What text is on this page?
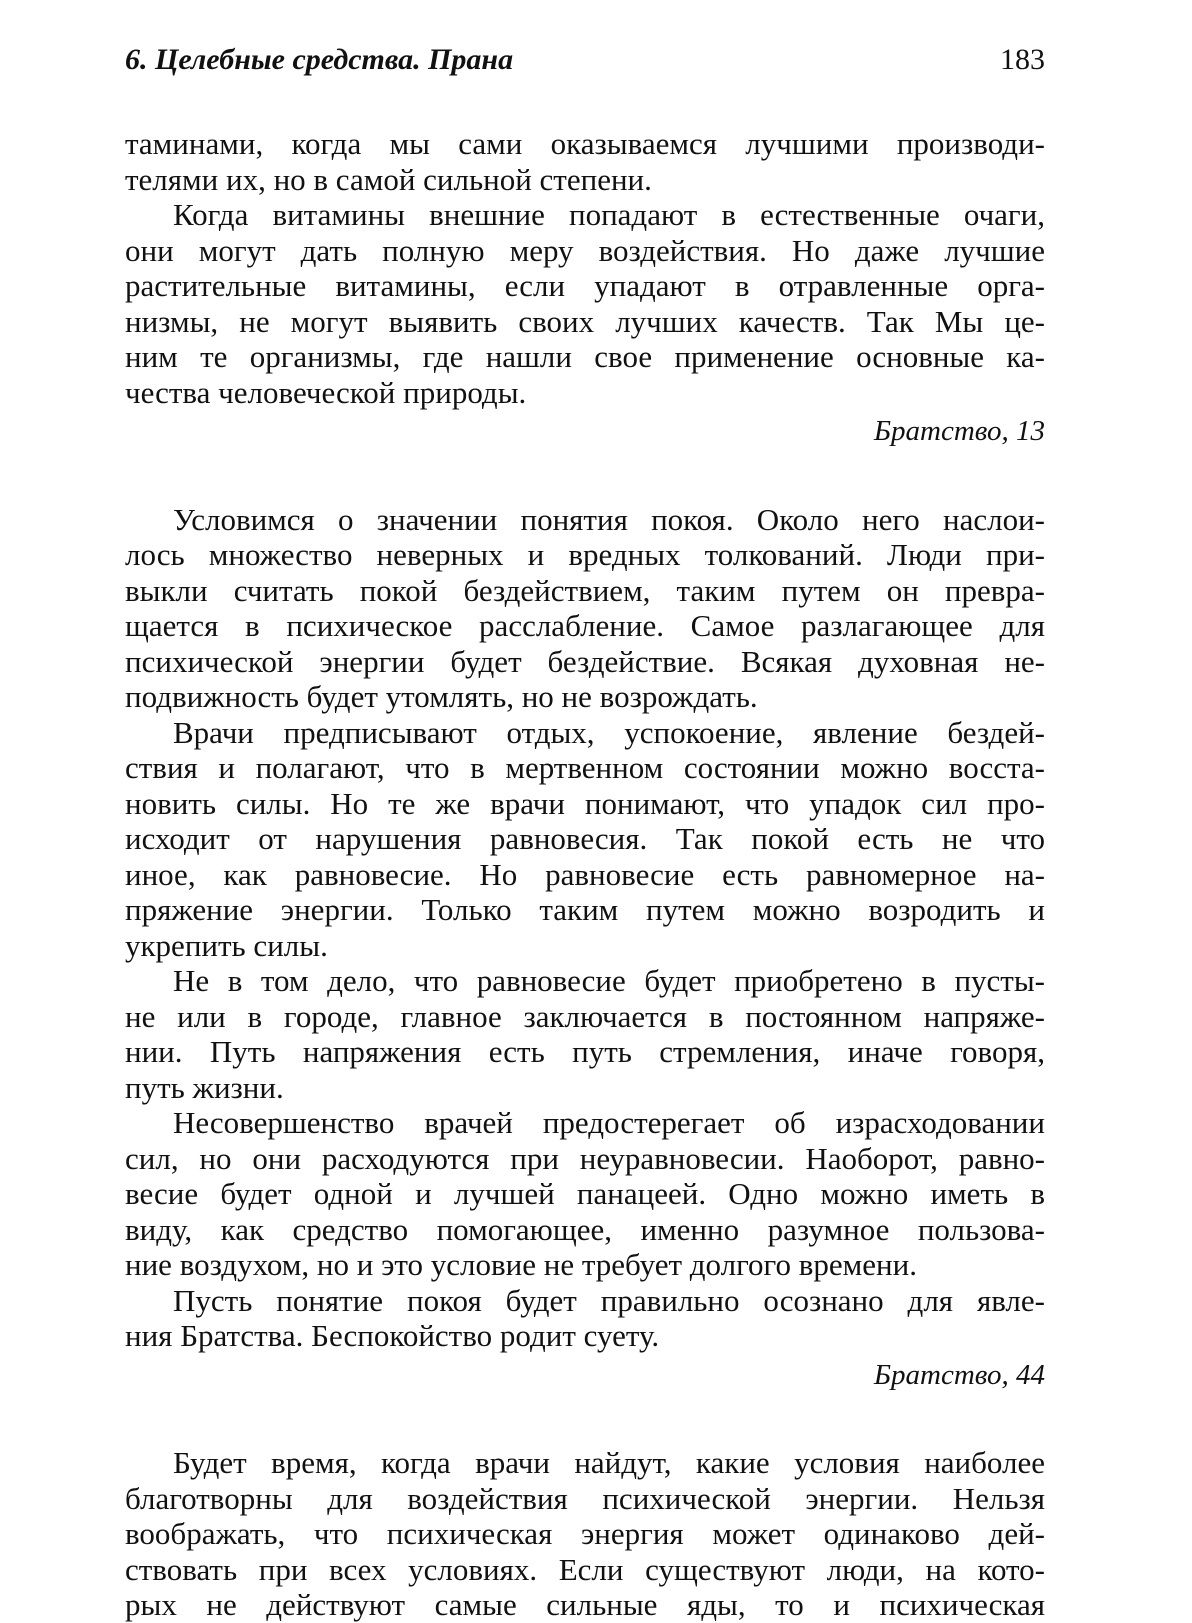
6. Целебные средства. Прана	183
таминами, когда мы сами оказываемся лучшими производи-
телями их, но в самой сильной степени.
Когда витамины внешние попадают в естественные очаги,
они могут дать полную меру воздействия. Но даже лучшие
растительные витамины, если упадают в отравленные орга-
низмы, не могут выявить своих лучших качеств. Так Мы це-
ним те организмы, где нашли свое применение основные ка-
чества человеческой природы.
Братство, 13
Условимся о значении понятия покоя. Около него наслои-
лось множество неверных и вредных толкований. Люди при-
выкли считать покой бездействием, таким путем он превра-
щается в психическое расслабление. Самое разлагающее для
психической энергии будет бездействие. Всякая духовная не-
подвижность будет утомлять, но не возрождать.
Врачи предписывают отдых, успокоение, явление бездей-
ствия и полагают, что в мертвенном состоянии можно восста-
новить силы. Но те же врачи понимают, что упадок сил про-
исходит от нарушения равновесия. Так покой есть не что
иное, как равновесие. Но равновесие есть равномерное на-
пряжение энергии. Только таким путем можно возродить и
укрепить силы.
Не в том дело, что равновесие будет приобретено в пусты-
не или в городе, главное заключается в постоянном напряже-
нии. Путь напряжения есть путь стремления, иначе говоря,
путь жизни.
Несовершенство врачей предостерегает об израсходовании
сил, но они расходуются при неуравновесии. Наоборот, равно-
весие будет одной и лучшей панацеей. Одно можно иметь в
виду, как средство помогающее, именно разумное пользова-
ние воздухом, но и это условие не требует долгого времени.
Пусть понятие покоя будет правильно осознано для явле-
ния Братства. Беспокойство родит суету.
Братство, 44
Будет время, когда врачи найдут, какие условия наиболее
благотворны для воздействия психической энергии. Нельзя
воображать, что психическая энергия может одинаково дей-
ствовать при всех условиях. Если существуют люди, на кото-
рых не действуют самые сильные яды, то и психическая
